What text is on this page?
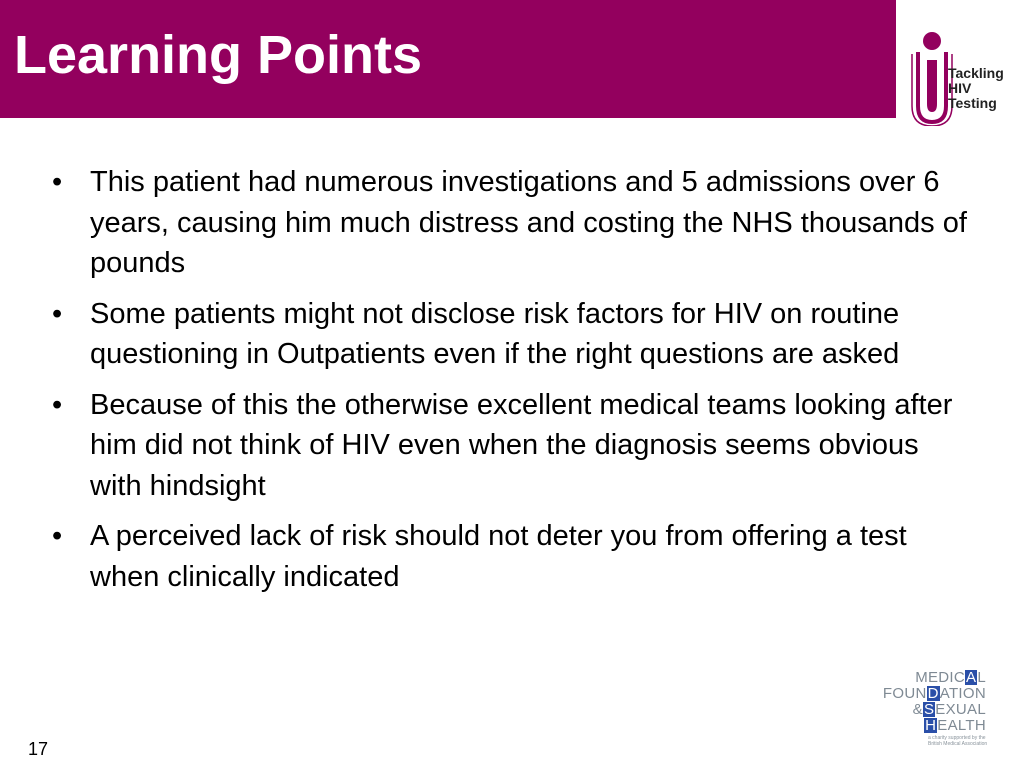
Learning Points	Tackling
HIV
Testing
• This patient had numerous investigations and 5 admissions over 6 years, causing him much distress and costing the NHS thousands of pounds
• Some patients might not disclose risk factors for HIV on routine questioning in Outpatients even if the right questions are asked
• Because of this the otherwise excellent medical teams looking after him did not think of HIV even when the diagnosis seems obvious with hindsight
• A perceived lack of risk should not deter you from offering a test when clinically indicated
17
MEDICAL
FOUNDATION
&SEXUAL
HEALTH
a charity supported by the British Medical Association
